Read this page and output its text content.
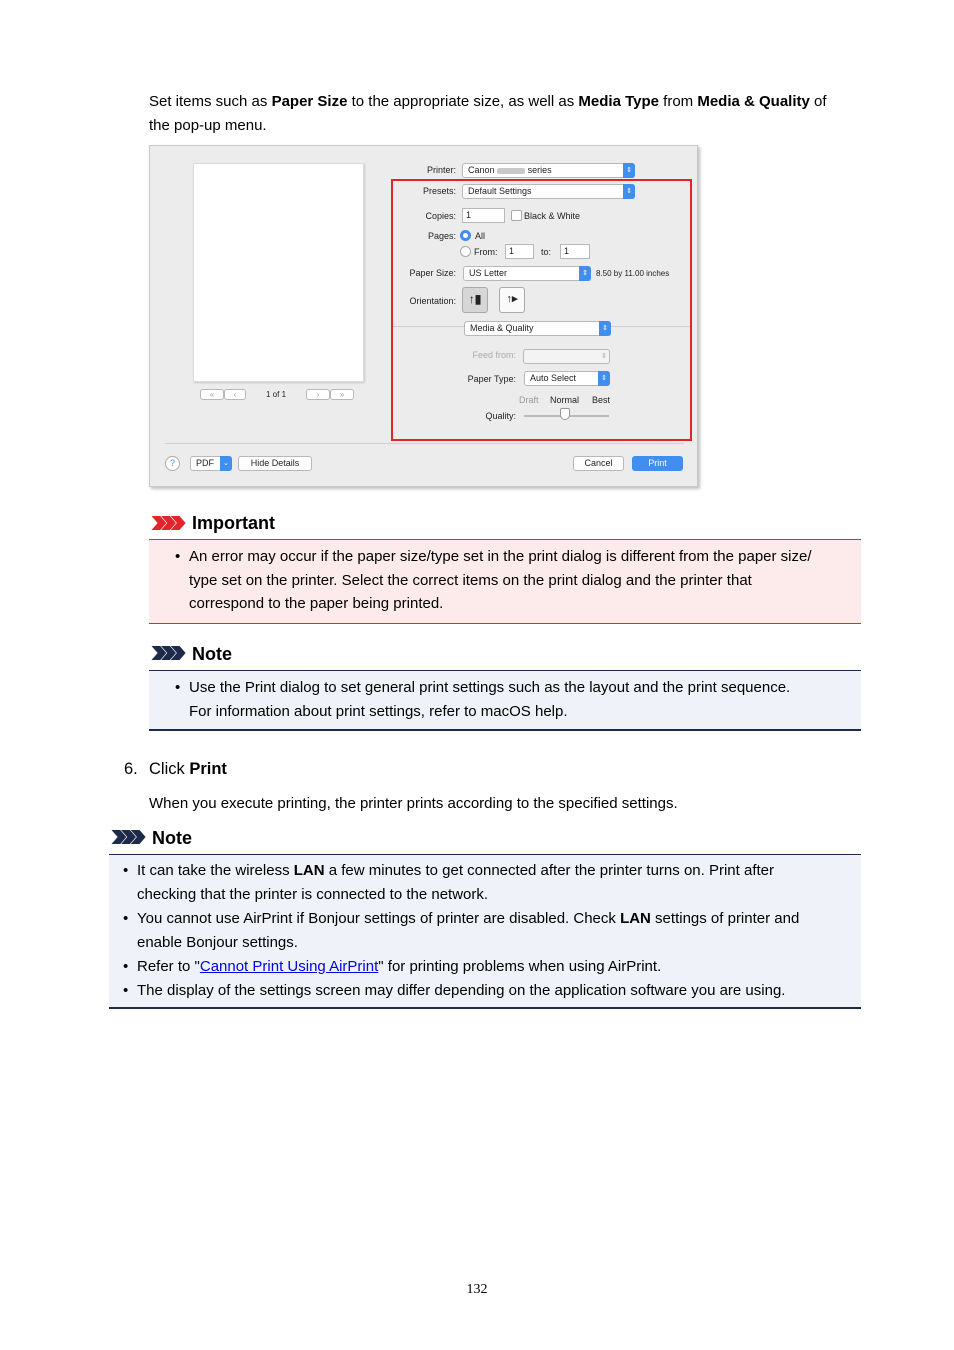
Set items such as Paper Size to the appropriate size, as well as Media Type from Media & Quality of
the pop-up menu.
«	‹	1 of 1	›	»
Printer:	Canon	series	⇕
Presets:	Default Settings	⇕
Copies:	1	Black & White
Pages: All
From:	1	to:	1
Paper Size:	US Letter	⇕	8.50 by 11.00 inches
Orientation:	↑▮	↑▸
Media & Quality	⇕
Feed from:	⇕
Paper Type:	Auto Select	⇕
Draft Normal Best
Quality:
?	PDF	⌄	Hide Details	Cancel	Print
Important
• An error may occur if the paper size/type set in the print dialog is different from the paper size/
type set on the printer. Select the correct items on the print dialog and the printer that
correspond to the paper being printed.
Note
• Use the Print dialog to set general print settings such as the layout and the print sequence.
For information about print settings, refer to macOS help.
6. Click Print
When you execute printing, the printer prints according to the specified settings.
Note
• It can take the wireless LAN a few minutes to get connected after the printer turns on. Print after
checking that the printer is connected to the network.
• You cannot use AirPrint if Bonjour settings of printer are disabled. Check LAN settings of printer and
enable Bonjour settings.
• Refer to "Cannot Print Using AirPrint" for printing problems when using AirPrint.
• The display of the settings screen may differ depending on the application software you are using.
132
